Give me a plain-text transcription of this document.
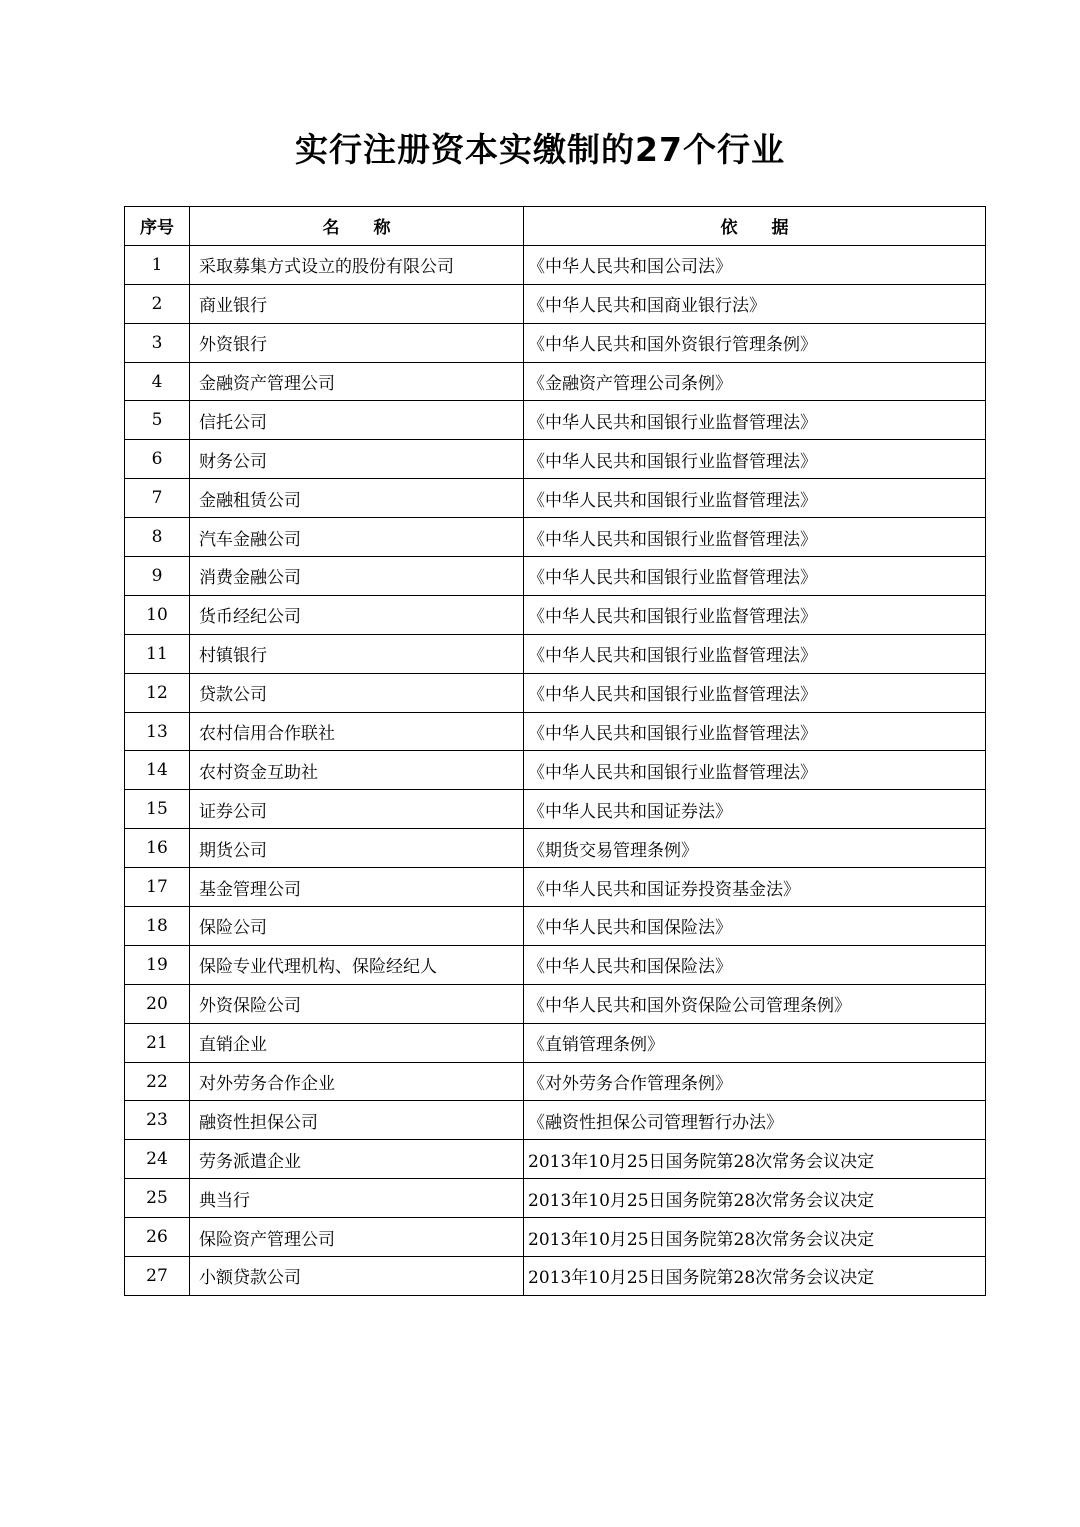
实行注册资本实缴制的27个行业
序号	名　　称	依　　据
1	采取募集方式设立的股份有限公司	《中华人民共和国公司法》
2	商业银行	《中华人民共和国商业银行法》
3	外资银行	《中华人民共和国外资银行管理条例》
4	金融资产管理公司	《金融资产管理公司条例》
5	信托公司	《中华人民共和国银行业监督管理法》
6	财务公司	《中华人民共和国银行业监督管理法》
7	金融租赁公司	《中华人民共和国银行业监督管理法》
8	汽车金融公司	《中华人民共和国银行业监督管理法》
9	消费金融公司	《中华人民共和国银行业监督管理法》
10	货币经纪公司	《中华人民共和国银行业监督管理法》
11	村镇银行	《中华人民共和国银行业监督管理法》
12	贷款公司	《中华人民共和国银行业监督管理法》
13	农村信用合作联社	《中华人民共和国银行业监督管理法》
14	农村资金互助社	《中华人民共和国银行业监督管理法》
15	证券公司	《中华人民共和国证券法》
16	期货公司	《期货交易管理条例》
17	基金管理公司	《中华人民共和国证券投资基金法》
18	保险公司	《中华人民共和国保险法》
19	保险专业代理机构、保险经纪人	《中华人民共和国保险法》
20	外资保险公司	《中华人民共和国外资保险公司管理条例》
21	直销企业	《直销管理条例》
22	对外劳务合作企业	《对外劳务合作管理条例》
23	融资性担保公司	《融资性担保公司管理暂行办法》
24	劳务派遣企业	2013年10月25日国务院第28次常务会议决定
25	典当行	2013年10月25日国务院第28次常务会议决定
26	保险资产管理公司	2013年10月25日国务院第28次常务会议决定
27	小额贷款公司	2013年10月25日国务院第28次常务会议决定
